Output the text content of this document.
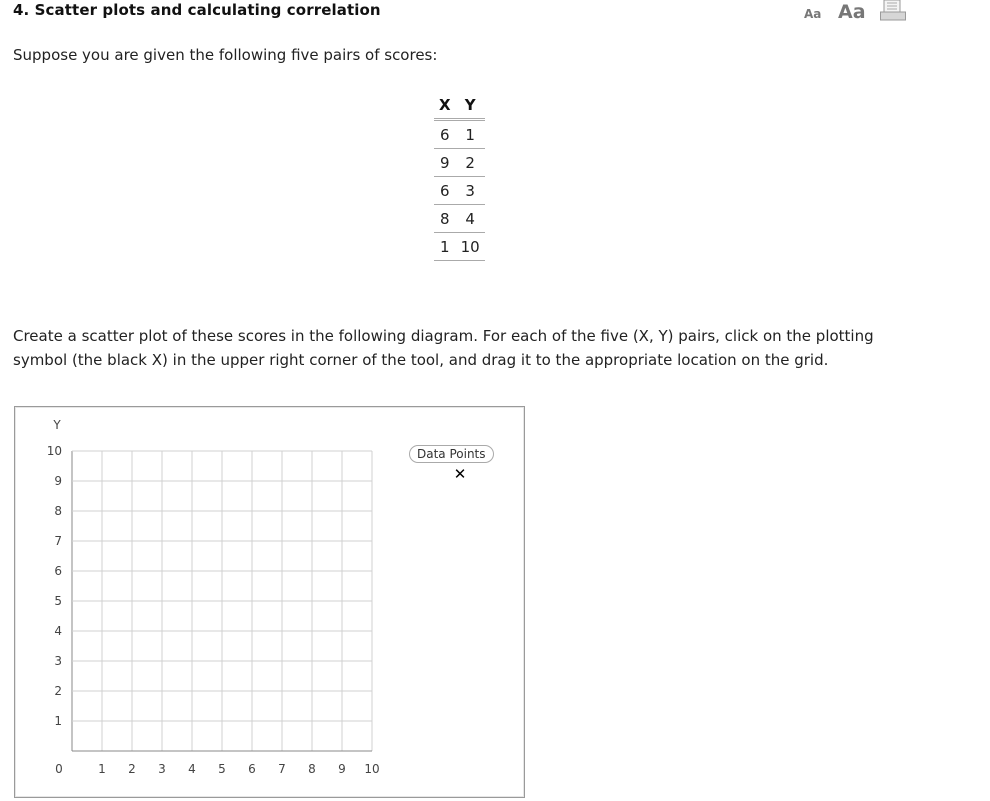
4. Scatter plots and calculating correlation	Aa Aa
Suppose you are given the following five pairs of scores:
X	Y
6	1
9	2
6	3
8	4
1	10
Create a scatter plot of these scores in the following diagram. For each of the five (X, Y) pairs, click on the plotting symbol (the black X) in the upper right corner of the tool, and drag it to the appropriate location on the grid.
1
2
3
4
5
6
7
8
9
10
0	1 2 3 4 5 6 7 8 9 10
Y
Data Points
✕
